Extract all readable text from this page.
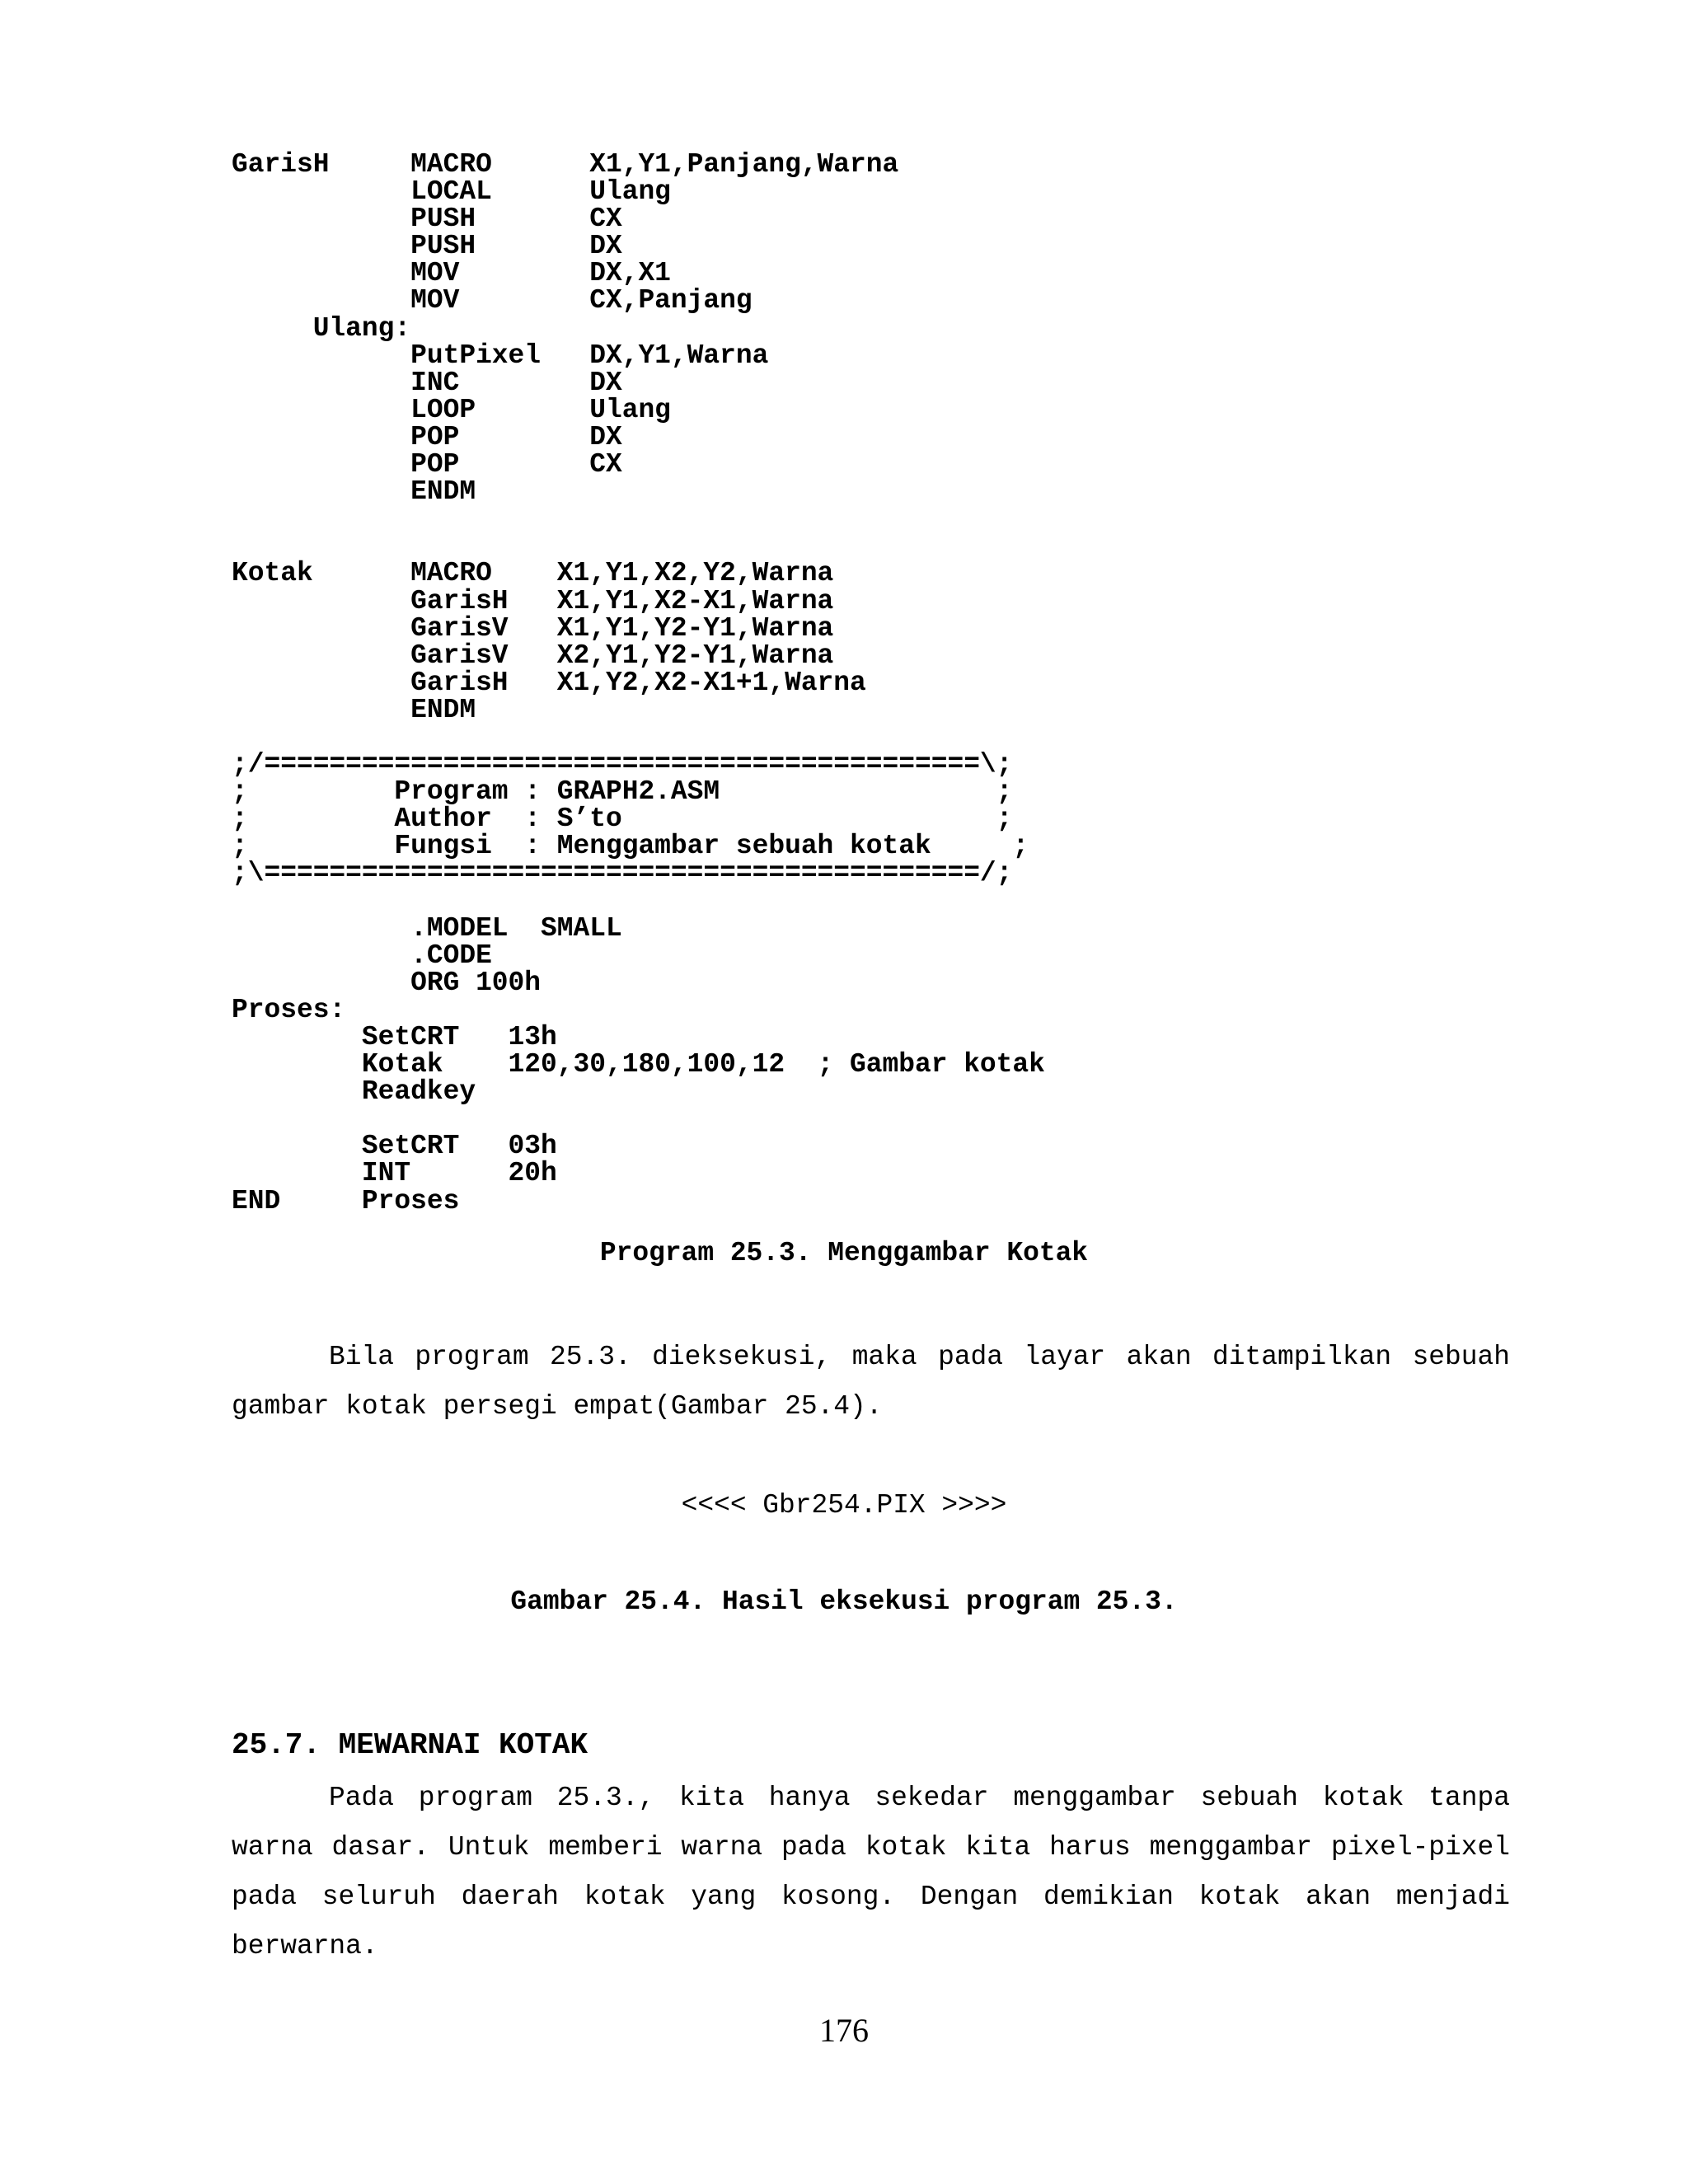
GarisH     MACRO      X1,Y1,Panjang,Warna
LOCAL      Ulang
PUSH       CX
PUSH       DX
MOV        DX,X1
MOV        CX,Panjang
Ulang:
PutPixel   DX,Y1,Warna
INC        DX
LOOP       Ulang
POP        DX
POP        CX
ENDM
Kotak      MACRO    X1,Y1,X2,Y2,Warna
GarisH   X1,Y1,X2-X1,Warna
GarisV   X1,Y1,Y2-Y1,Warna
GarisV   X2,Y1,Y2-Y1,Warna
GarisH   X1,Y2,X2-X1+1,Warna
ENDM
;/============================================\;
;         Program : GRAPH2.ASM                 ;
;         Author  : S’to                       ;
;         Fungsi  : Menggambar sebuah kotak     ;
;\============================================/;
.MODEL  SMALL
.CODE
ORG 100h
Proses:
SetCRT   13h
Kotak    120,30,180,100,12  ; Gambar kotak
Readkey
SetCRT   03h
INT      20h
END     Proses
Program 25.3. Menggambar Kotak
Bila program 25.3. dieksekusi, maka pada layar akan ditampilkan sebuah gambar kotak persegi empat(Gambar 25.4).
<<<< Gbr254.PIX >>>>
Gambar 25.4. Hasil eksekusi program 25.3.
25.7. MEWARNAI KOTAK
Pada program 25.3., kita hanya sekedar menggambar sebuah kotak tanpa warna dasar. Untuk memberi warna pada kotak kita harus menggambar pixel-pixel pada seluruh daerah kotak yang kosong. Dengan demikian kotak akan menjadi berwarna.
176
